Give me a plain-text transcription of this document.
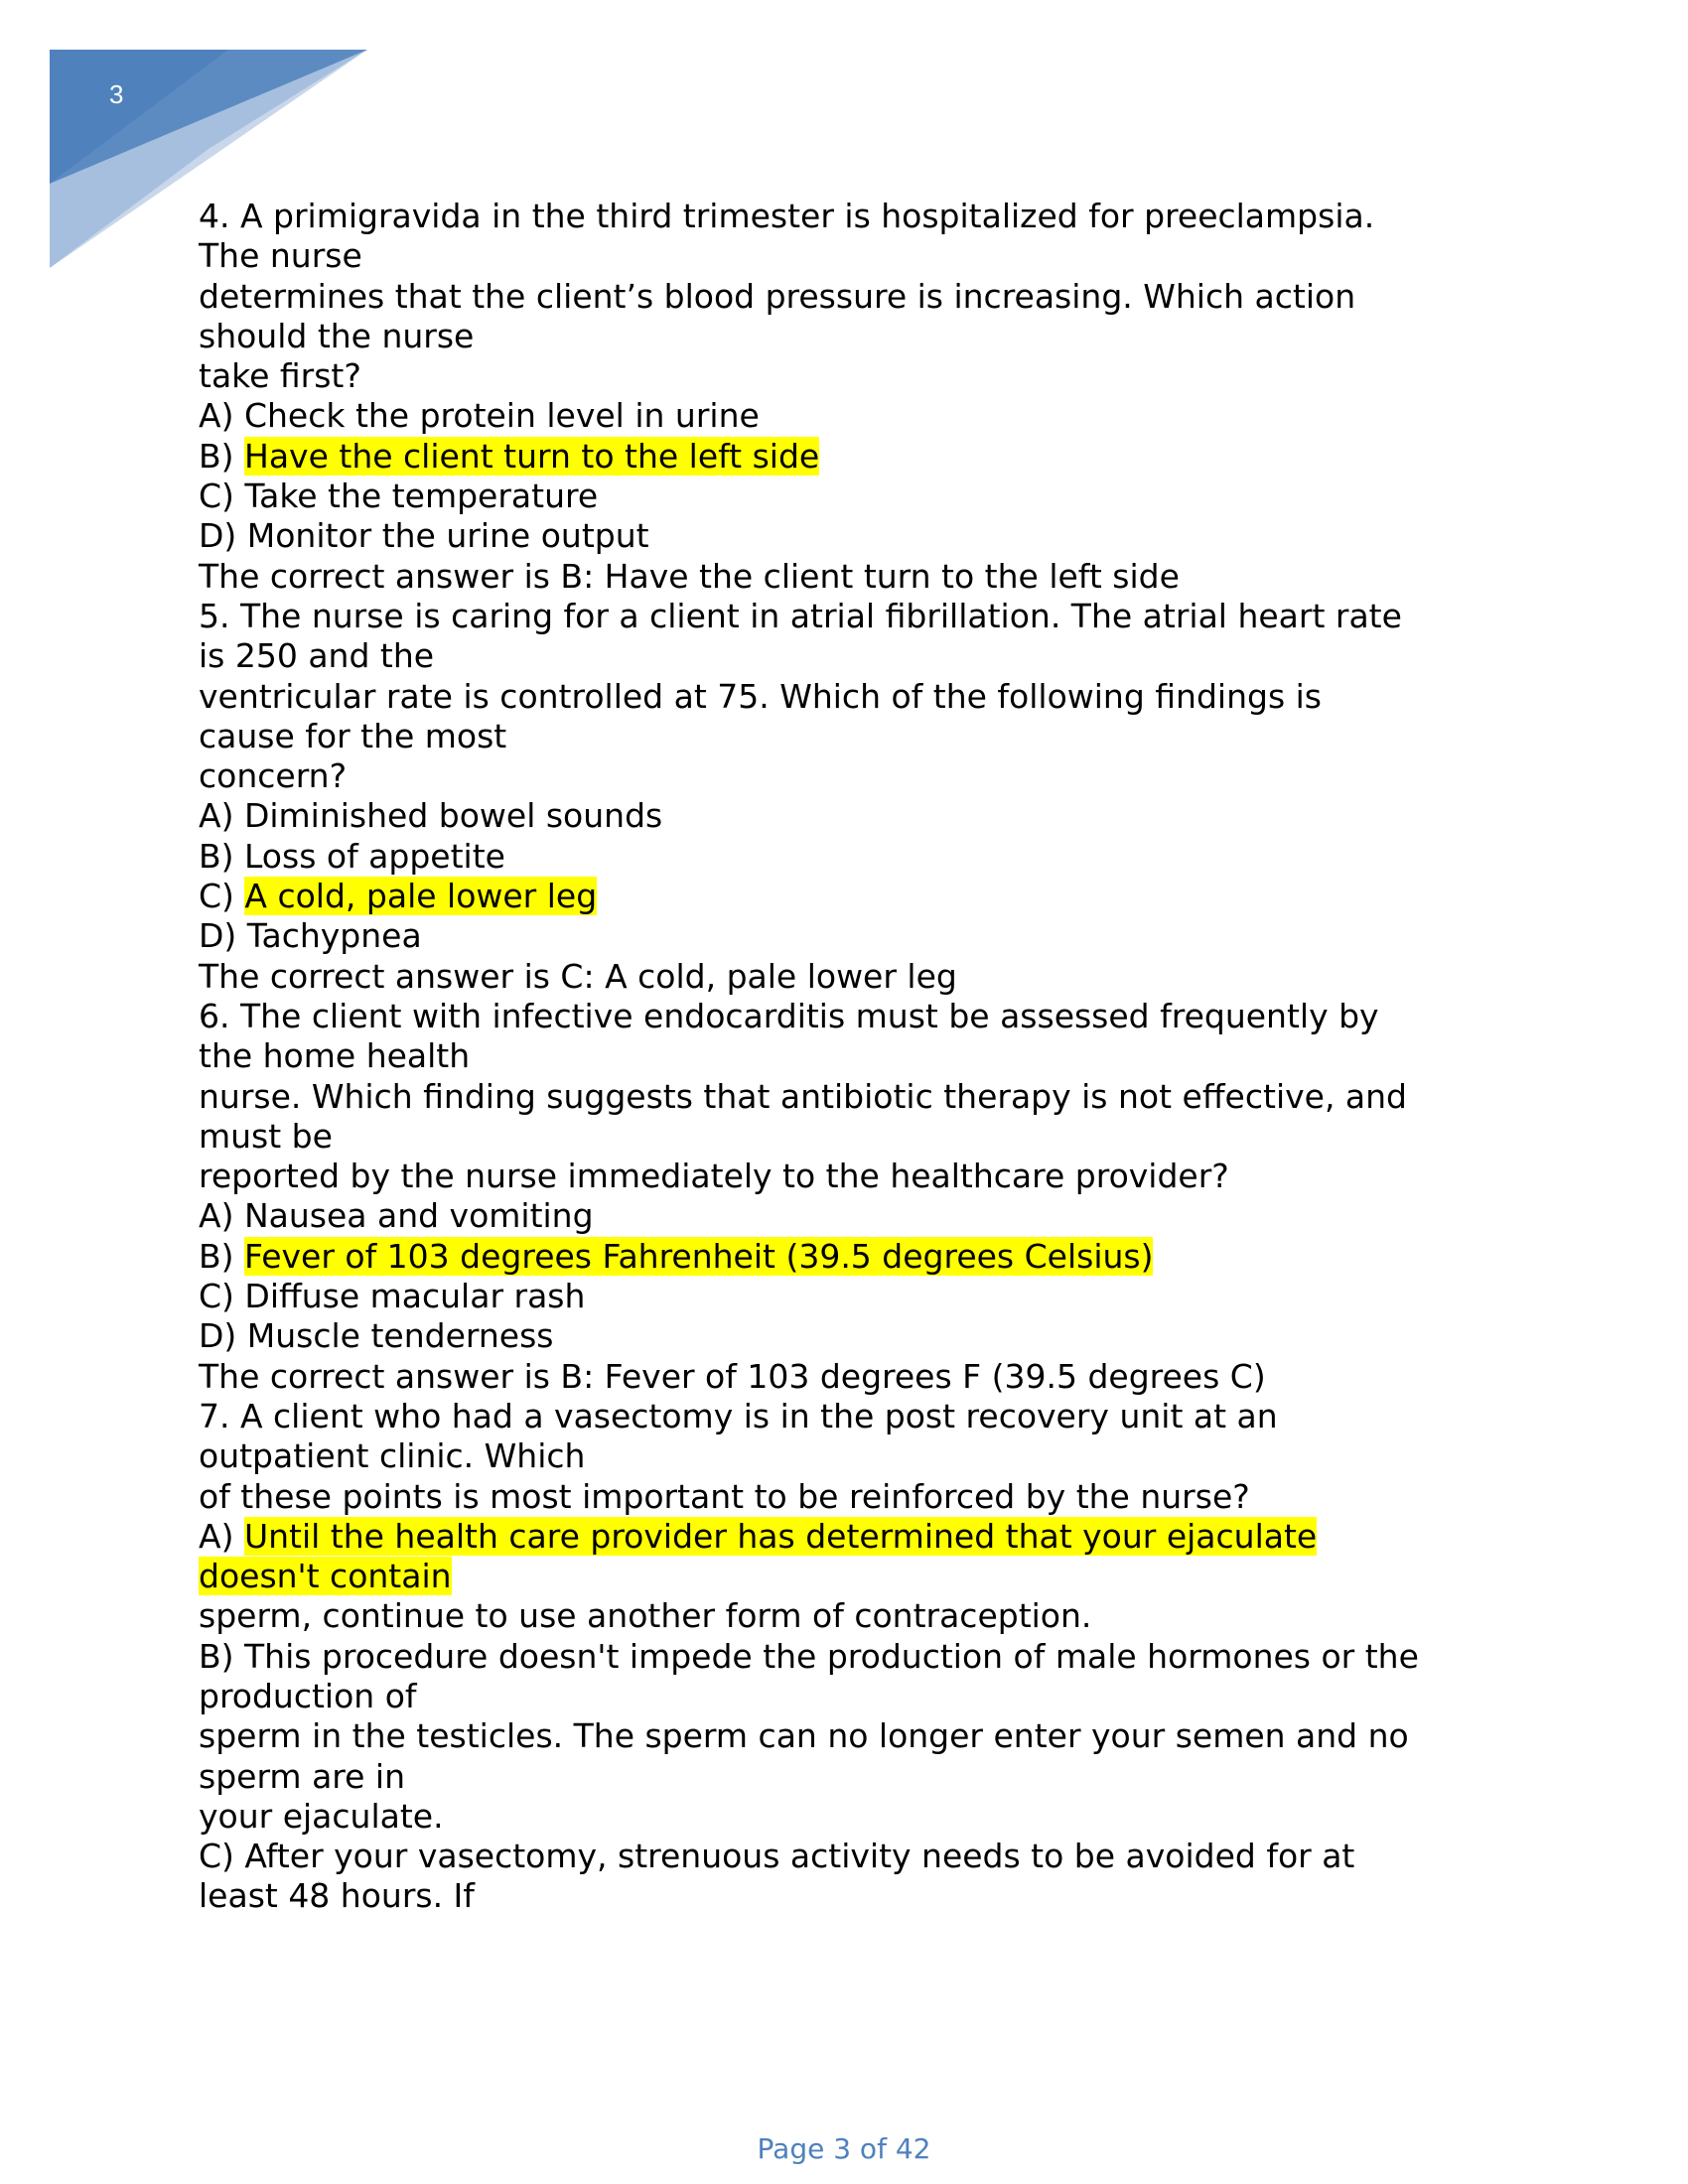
3
4. A primigravida in the third trimester is hospitalized for preeclampsia.
The nurse
determines that the client’s blood pressure is increasing. Which action
should the nurse
take first?
A) Check the protein level in urine
B) Have the client turn to the left side
C) Take the temperature
D) Monitor the urine output
The correct answer is B: Have the client turn to the left side
5. The nurse is caring for a client in atrial fibrillation. The atrial heart rate
is 250 and the
ventricular rate is controlled at 75. Which of the following findings is
cause for the most
concern?
A) Diminished bowel sounds
B) Loss of appetite
C) A cold, pale lower leg
D) Tachypnea
The correct answer is C: A cold, pale lower leg
6. The client with infective endocarditis must be assessed frequently by
the home health
nurse. Which finding suggests that antibiotic therapy is not effective, and
must be
reported by the nurse immediately to the healthcare provider?
A) Nausea and vomiting
B) Fever of 103 degrees Fahrenheit (39.5 degrees Celsius)
C) Diffuse macular rash
D) Muscle tenderness
The correct answer is B: Fever of 103 degrees F (39.5 degrees C)
7. A client who had a vasectomy is in the post recovery unit at an
outpatient clinic. Which
of these points is most important to be reinforced by the nurse?
A) Until the health care provider has determined that your ejaculate
doesn't contain
sperm, continue to use another form of contraception.
B) This procedure doesn't impede the production of male hormones or the
production of
sperm in the testicles. The sperm can no longer enter your semen and no
sperm are in
your ejaculate.
C) After your vasectomy, strenuous activity needs to be avoided for at
least 48 hours. If
Page 3 of 42
